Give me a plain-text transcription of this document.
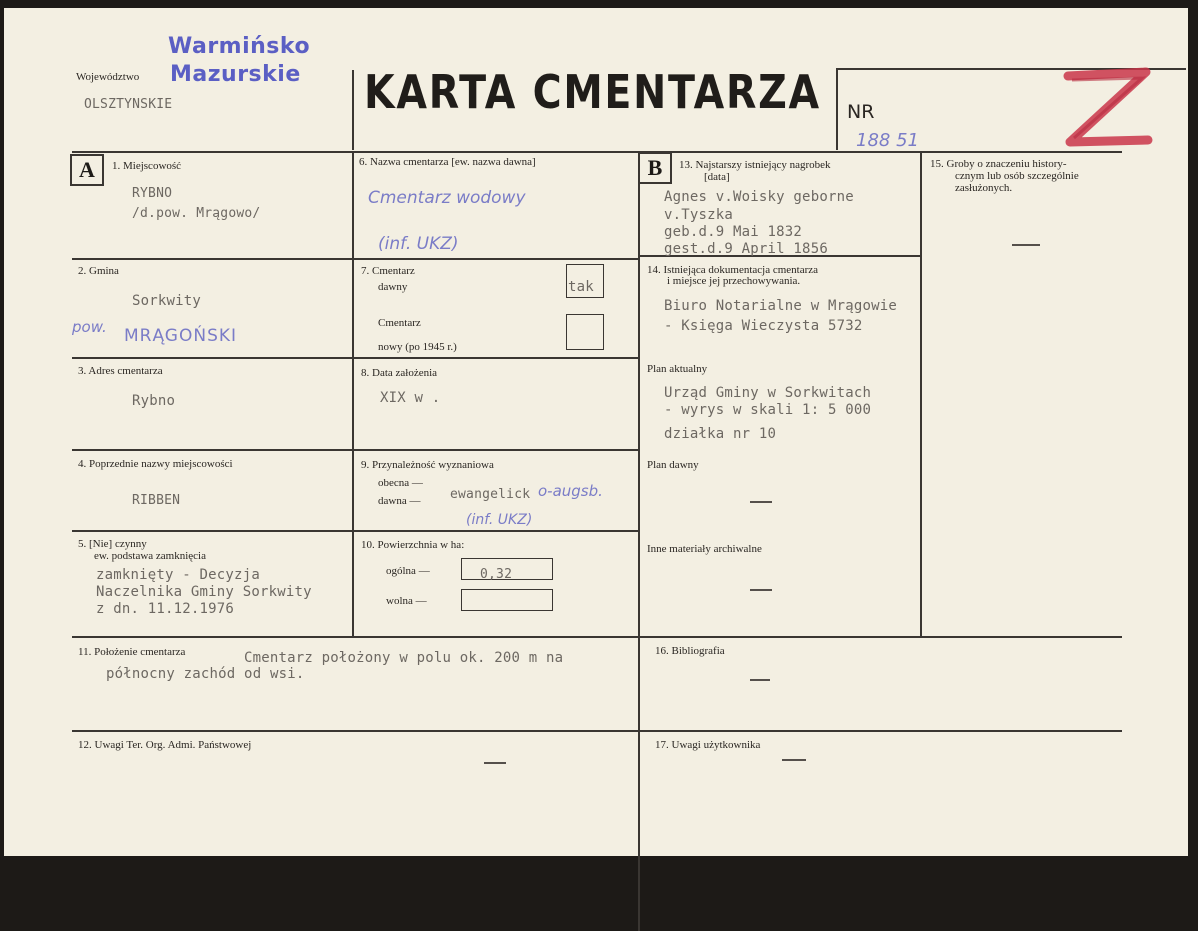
Województwo
Warmińsko
Mazurskie
OLSZTYNSKIE	KARTA CMENTARZA NR
188 51
A	1. Miejscowość
RYBNO
/d.pow. Mrągowo/
2. Gmina
Sorkwity
pow. MRĄGOŃSKI
3. Adres cmentarza
Rybno
4. Poprzednie nazwy miejscowości
RIBBEN
5. [Nie] czynny
ew. podstawa zamknięcia
zamknięty - Decyzja
Naczelnika Gminy Sorkwity
z dn. 11.12.1976
6. Nazwa cmentarza [ew. nazwa dawna]
Cmentarz wodowy
(inf. UKZ)
7. Cmentarz
dawny	tak
Cmentarz
nowy (po 1945 r.)
8. Data założenia
XIX w .
9. Przynależność wyznaniowa
obecna —
dawna — ewangelick o-augsb.
(inf. UKZ)
10. Powierzchnia w ha:
ogólna —	0,32
wolna —
B	13. Najstarszy istniejący nagrobek
[data]
Agnes v.Woisky geborne
v.Tyszka
geb.d.9 Mai 1832
gest.d.9 April 1856
14. Istniejąca dokumentacja cmentarza
i miejsce jej przechowywania.
Biuro Notarialne w Mrągowie
- Księga Wieczysta 5732
Plan aktualny
Urząd Gminy w Sorkwitach
- wyrys w skali 1: 5 000
działka nr 10
Plan dawny
Inne materiały archiwalne
15. Groby o znaczeniu history-
cznym lub osób szczególnie
zasłużonych.
11. Położenie cmentarza	Cmentarz położony w polu ok. 200 m na
północny zachód od wsi.
16. Bibliografia
12. Uwagi Ter. Org. Admi. Państwowej	17. Uwagi użytkownika
